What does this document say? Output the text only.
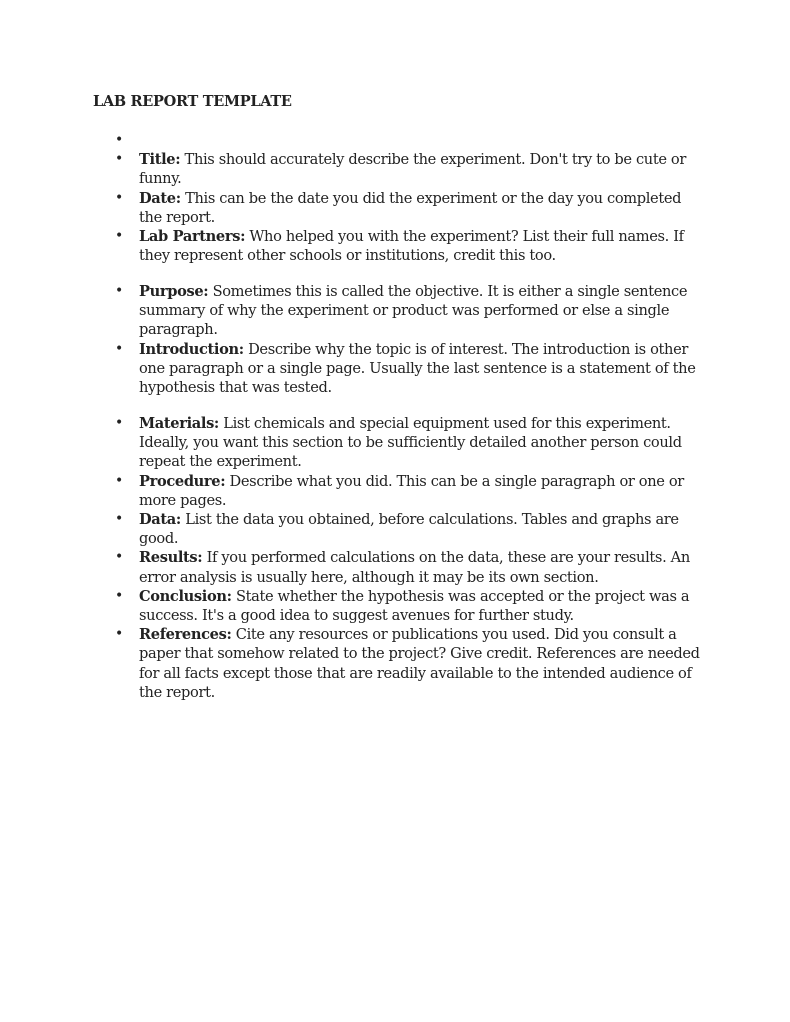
LAB REPORT TEMPLATE
•
• Title: This should accurately describe the experiment. Don't try to be cute or funny.
• Date: This can be the date you did the experiment or the day you completed the report.
• Lab Partners: Who helped you with the experiment? List their full names. If they represent other schools or institutions, credit this too.
• Purpose: Sometimes this is called the objective. It is either a single sentence summary of why the experiment or product was performed or else a single paragraph.
• Introduction: Describe why the topic is of interest. The introduction is other one paragraph or a single page. Usually the last sentence is a statement of the hypothesis that was tested.
• Materials: List chemicals and special equipment used for this experiment. Ideally, you want this section to be sufficiently detailed another person could repeat the experiment.
• Procedure: Describe what you did. This can be a single paragraph or one or more pages.
• Data: List the data you obtained, before calculations. Tables and graphs are good.
• Results: If you performed calculations on the data, these are your results. An error analysis is usually here, although it may be its own section.
• Conclusion: State whether the hypothesis was accepted or the project was a success. It's a good idea to suggest avenues for further study.
• References: Cite any resources or publications you used. Did you consult a paper that somehow related to the project? Give credit. References are needed for all facts except those that are readily available to the intended audience of the report.
